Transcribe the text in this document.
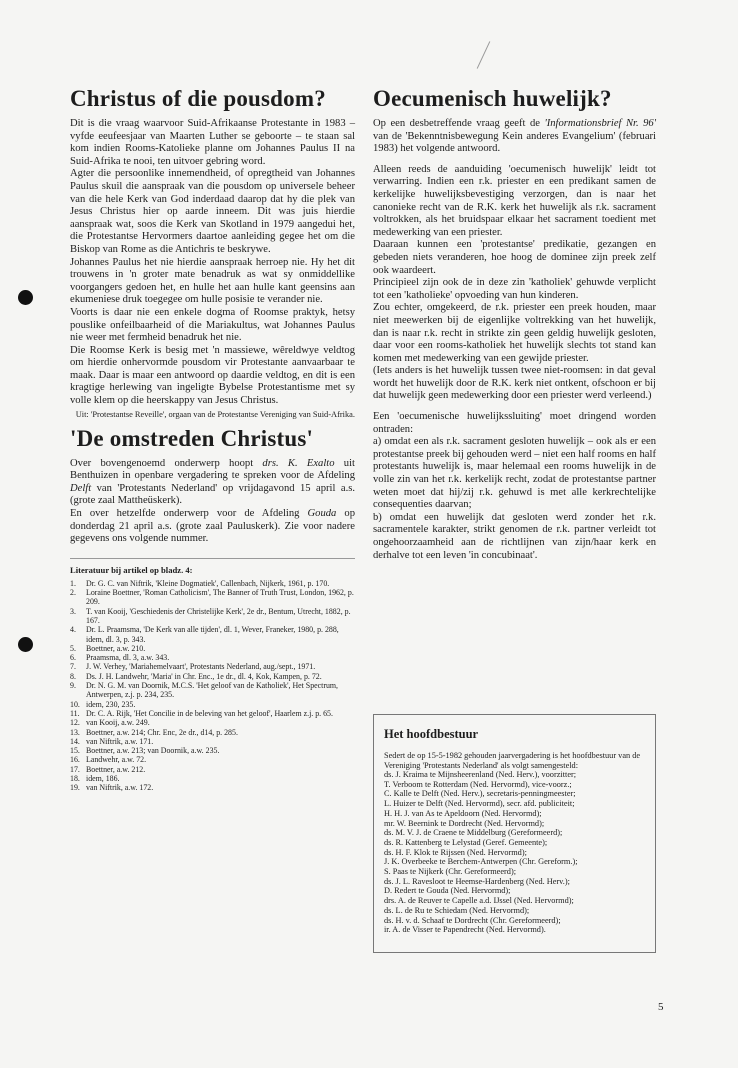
Christus of die pousdom?

Dit is die vraag waarvoor Suid-Afrikaanse Protestante in 1983 – vyfde eeufeesjaar van Maarten Luther se geboorte – te staan sal kom indien Rooms-Katolieke planne om Johannes Paulus II na Suid-Afrika te nooi, ten uitvoer gebring word.

Agter die persoonlike innemendheid, of opregtheid van Johannes Paulus skuil die aanspraak van die pousdom op universele beheer van die hele Kerk van God inderdaad daarop dat hy die plek van Jesus Christus hier op aarde inneem. Dit was juis hierdie aanspraak wat, soos die Kerk van Skotland in 1979 aangedui het, die Protestantse Hervormers daartoe aanleiding gegee het om die Biskop van Rome as die Antichris te beskrywe.

Johannes Paulus het nie hierdie aanspraak herroep nie. Hy het dit trouwens in 'n groter mate benadruk as wat sy onmiddellike voorgangers gedoen het, en hulle het aan hulle kant geensins aan ekumeniese druk toegegee om hulle posisie te verander nie.

Voorts is daar nie een enkele dogma of Roomse praktyk, hetsy pouslike onfeilbaarheid of die Mariakultus, wat Johannes Paulus nie weer met fermheid benadruk het nie.

Die Roomse Kerk is besig met 'n massiewe, wêreldwye veldtog om hierdie onhervormde pousdom vir Protestante aanvaarbaar te maak. Daar is maar een antwoord op daardie veldtog, en dit is een kragtige herlewing van ingeligte Bybelse Protestantisme met sy volle klem op die heerskappy van Jesus Christus.

Uit: 'Protestantse Reveille', orgaan van de Protestantse Vereniging van Suid-Afrika.

'De omstreden Christus'

Over bovengenoemd onderwerp hoopt drs. K. Exalto uit Benthuizen in openbare vergadering te spreken voor de Afdeling Delft van 'Protestants Nederland' op vrijdagavond 15 april a.s. (grote zaal Mattheüskerk).

En over hetzelfde onderwerp voor de Afdeling Gouda op donderdag 21 april a.s. (grote zaal Pauluskerk). Zie voor nadere gegevens ons volgende nummer.

Literatuur bij artikel op bladz. 4:
1. Dr. G. C. van Niftrik, 'Kleine Dogmatiek', Callenbach, Nijkerk, 1961, p. 170.
2. Loraine Boettner, 'Roman Catholicism', The Banner of Truth Trust, London, 1962, p. 209.
3. T. van Kooij, 'Geschiedenis der Christelijke Kerk', 2e dr., Bentum, Utrecht, 1882, p. 167.
4. Dr. L. Praamsma, 'De Kerk van alle tijden', dl. 1, Wever, Franeker, 1980, p. 288, idem, dl. 3, p. 343.
5. Boettner, a.w. 210.
6. Praamsma, dl. 3, a.w. 343.
7. J. W. Verhey, 'Mariahemelvaart', Protestants Nederland, aug./sept., 1971.
8. Ds. J. H. Landwehr, 'Maria' in Chr. Enc., 1e dr., dl. 4, Kok, Kampen, p. 72.
9. Dr. N. G. M. van Doornik, M.C.S. 'Het geloof van de Katholiek', Het Spectrum, Antwerpen, z.j. p. 234, 235.
10. idem, 230, 235.
11. Dr. C. A. Rijk, 'Het Concilie in de beleving van het geloof', Haarlem z.j. p. 65.
12. van Kooij, a.w. 249.
13. Boettner, a.w. 214; Chr. Enc, 2e dr., d14, p. 285.
14. van Niftrik, a.w. 171.
15. Boettner, a.w. 213; van Doornik, a.w. 235.
16. Landwehr, a.w. 72.
17. Boettner, a.w. 212.
18. idem, 186.
19. van Niftrik, a.w. 172.
Oecumenisch huwelijk?

Op een desbetreffende vraag geeft de 'Informationsbrief Nr. 96' van de 'Bekenntnisbewegung Kein anderes Evangelium' (februari 1983) het volgende antwoord.

Alleen reeds de aanduiding 'oecumenisch huwelijk' leidt tot verwarring. Indien een r.k. priester en een predikant samen de kerkelijke huwelijksbevestiging verzorgen, dan is naar het canonieke recht van de R.K. kerk het huwelijk als r.k. sacrament voltrokken, als het bruidspaar elkaar het sacrament toedient met medewerking van een priester.

Daaraan kunnen een 'protestantse' predikatie, gezangen en gebeden niets veranderen, hoe hoog de dominee zijn preek zelf ook waardeert.

Principieel zijn ook de in deze zin 'katholiek' gehuwde verplicht tot een 'katholieke' opvoeding van hun kinderen.

Zou echter, omgekeerd, de r.k. priester een preek houden, maar niet meewerken bij de eigenlijke voltrekking van het huwelijk, dan is naar r.k. recht in strikte zin geen geldig huwelijk gesloten, daar voor een rooms-katholiek het huwelijk slechts tot stand kan komen met medewerking van een gewijde priester.

(Iets anders is het huwelijk tussen twee niet-roomsen: in dat geval wordt het huwelijk door de R.K. kerk niet ontkent, ofschoon er bij dat huwelijk geen medewerking door een priester werd verleend.)

Een 'oecumenische huwelijkssluiting' moet dringend worden ontraden:

a) omdat een als r.k. sacrament gesloten huwelijk – ook als er een protestantse preek bij gehouden werd – niet een half rooms en half protestants huwelijk is, maar helemaal een rooms huwelijk in de volle zin van het r.k. kerkelijk recht, zodat de protestantse partner weten moet dat hij/zij r.k. gehuwd is met alle kerkrechtelijke consequenties daarvan;

b) omdat een huwelijk dat gesloten werd zonder het r.k. sacramentele karakter, strikt genomen de r.k. partner verleidt tot ongehoorzaamheid aan de richtlijnen van zijn/haar kerk en derhalve tot een leven 'in concubinaat'.

Het hoofdbestuur

Sedert de op 15-5-1982 gehouden jaarvergadering is het hoofdbestuur van de Vereniging 'Protestants Nederland' als volgt samengesteld:

ds. J. Kraima te Mijnsheerenland (Ned. Herv.), voorzitter;
T. Verboom te Rotterdam (Ned. Hervormd), vice-voorz.;
C. Kalle te Delft (Ned. Herv.), secretaris-penningmeester;
L. Huizer te Delft (Ned. Hervormd), secr. afd. publiciteit;
H. H. J. van As te Apeldoorn (Ned. Hervormd);
mr. W. Beernink te Dordrecht (Ned. Hervormd);
ds. M. V. J. de Craene te Middelburg (Gereformeerd);
ds. R. Kattenberg te Lelystad (Geref. Gemeente);
ds. H. F. Klok te Rijssen (Ned. Hervormd);
J. K. Overbeeke te Berchem-Antwerpen (Chr. Gereform.);
S. Paas te Nijkerk (Chr. Gereformeerd);
ds. J. L. Ravesloot te Heemse-Hardenberg (Ned. Herv.);
D. Redert te Gouda (Ned. Hervormd);
drs. A. de Reuver te Capelle a.d. IJssel (Ned. Hervormd);
ds. L. de Ru te Schiedam (Ned. Hervormd);
ds. H. v. d. Schaaf te Dordrecht (Chr. Gereformeerd);
ir. A. de Visser te Papendrecht (Ned. Hervormd).
5
